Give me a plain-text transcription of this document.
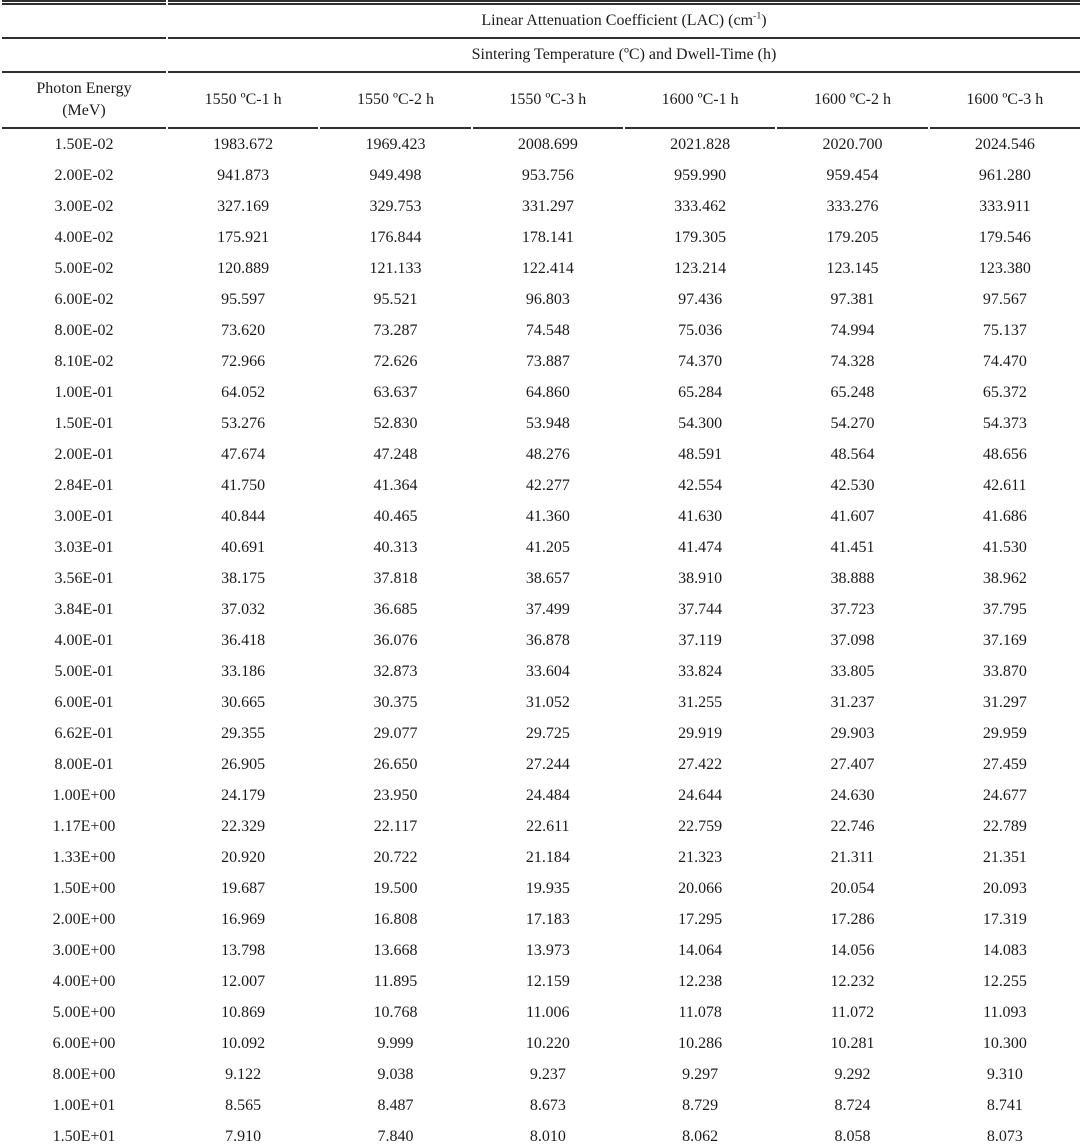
	Linear Attenuation Coefficient (LAC) $(cm^{-1})$					
	Sintering Temperature (ºC) and Dwell-Time (h)					

Photon Energy
(MeV)	1550 ºC-1 h	1550 ºC-2 h	1550 ºC-3 h	1600 ºC-1 h	1600 ºC-2 h	1600 ºC-3 h
1.50E-02	1983.672	1969.423	2008.699	2021.828	2020.700	2024.546
2.00E-02	941.873	949.498	953.756	959.990	959.454	961.280
3.00E-02	327.169	329.753	331.297	333.462	333.276	333.911
4.00E-02	175.921	176.844	178.141	179.305	179.205	179.546
5.00E-02	120.889	121.133	122.414	123.214	123.145	123.380
6.00E-02	95.597	95.521	96.803	97.436	97.381	97.567
8.00E-02	73.620	73.287	74.548	75.036	74.994	75.137
8.10E-02	72.966	72.626	73.887	74.370	74.328	74.470
1.00E-01	64.052	63.637	64.860	65.284	65.248	65.372
1.50E-01	53.276	52.830	53.948	54.300	54.270	54.373
2.00E-01	47.674	47.248	48.276	48.591	48.564	48.656
2.84E-01	41.750	41.364	42.277	42.554	42.530	42.611
3.00E-01	40.844	40.465	41.360	41.630	41.607	41.686
3.03E-01	40.691	40.313	41.205	41.474	41.451	41.530
3.56E-01	38.175	37.818	38.657	38.910	38.888	38.962
3.84E-01	37.032	36.685	37.499	37.744	37.723	37.795
4.00E-01	36.418	36.076	36.878	37.119	37.098	37.169
5.00E-01	33.186	32.873	33.604	33.824	33.805	33.870
6.00E-01	30.665	30.375	31.052	31.255	31.237	31.297
6.62E-01	29.355	29.077	29.725	29.919	29.903	29.959
8.00E-01	26.905	26.650	27.244	27.422	27.407	27.459
1.00E+00	24.179	23.950	24.484	24.644	24.630	24.677
1.17E+00	22.329	22.117	22.611	22.759	22.746	22.789
1.33E+00	20.920	20.722	21.184	21.323	21.311	21.351
1.50E+00	19.687	19.500	19.935	20.066	20.054	20.093
2.00E+00	16.969	16.808	17.183	17.295	17.286	17.319
3.00E+00	13.798	13.668	13.973	14.064	14.056	14.083
4.00E+00	12.007	11.895	12.159	12.238	12.232	12.255
5.00E+00	10.869	10.768	11.006	11.078	11.072	11.093
6.00E+00	10.092	9.999	10.220	10.286	10.281	10.300
8.00E+00	9.122	9.038	9.237	9.297	9.292	9.310
1.00E+01	8.565	8.487	8.673	8.729	8.724	8.741
1.50E+01	7.910	7.840	8.010	8.062	8.058	8.073
